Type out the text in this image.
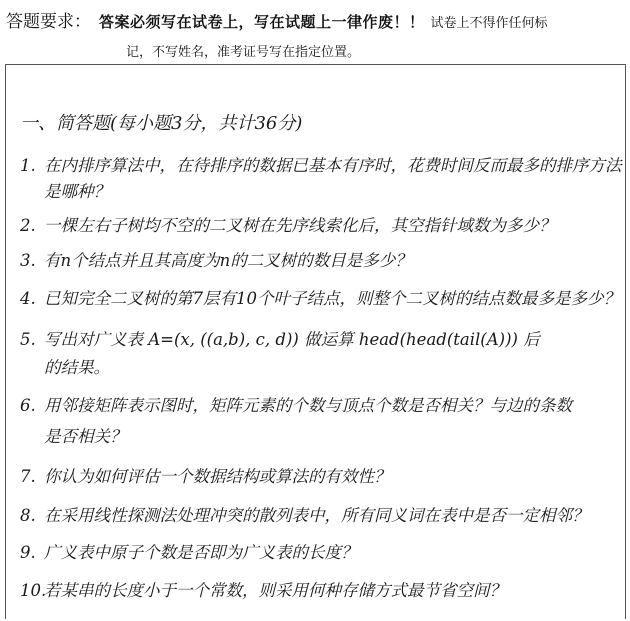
答题要求： 答案必须写在试卷上，写在试题上一律作废！！ 试卷上不得作任何标
记，不写姓名，准考证号写在指定位置。
一、简答题(每小题3分，共计36分)
1. 在内排序算法中，在待排序的数据已基本有序时，花费时间反而最多的排序方法
是哪种？
2. 一棵左右子树均不空的二叉树在先序线索化后，其空指针域数为多少？
3. 有n个结点并且其高度为n的二叉树的数目是多少？
4. 已知完全二叉树的第7层有10个叶子结点，则整个二叉树的结点数最多是多少？
5. 写出对广义表 A=(x, ((a,b), c, d)) 做运算 head(head(tail(A))) 后
的结果。
6. 用邻接矩阵表示图时，矩阵元素的个数与顶点个数是否相关？与边的条数
是否相关？
7. 你认为如何评估一个数据结构或算法的有效性？
8. 在采用线性探测法处理冲突的散列表中，所有同义词在表中是否一定相邻？
9. 广义表中原子个数是否即为广义表的长度？
10.
若某串的长度小于一个常数，则采用何种存储方式最节省空间？
